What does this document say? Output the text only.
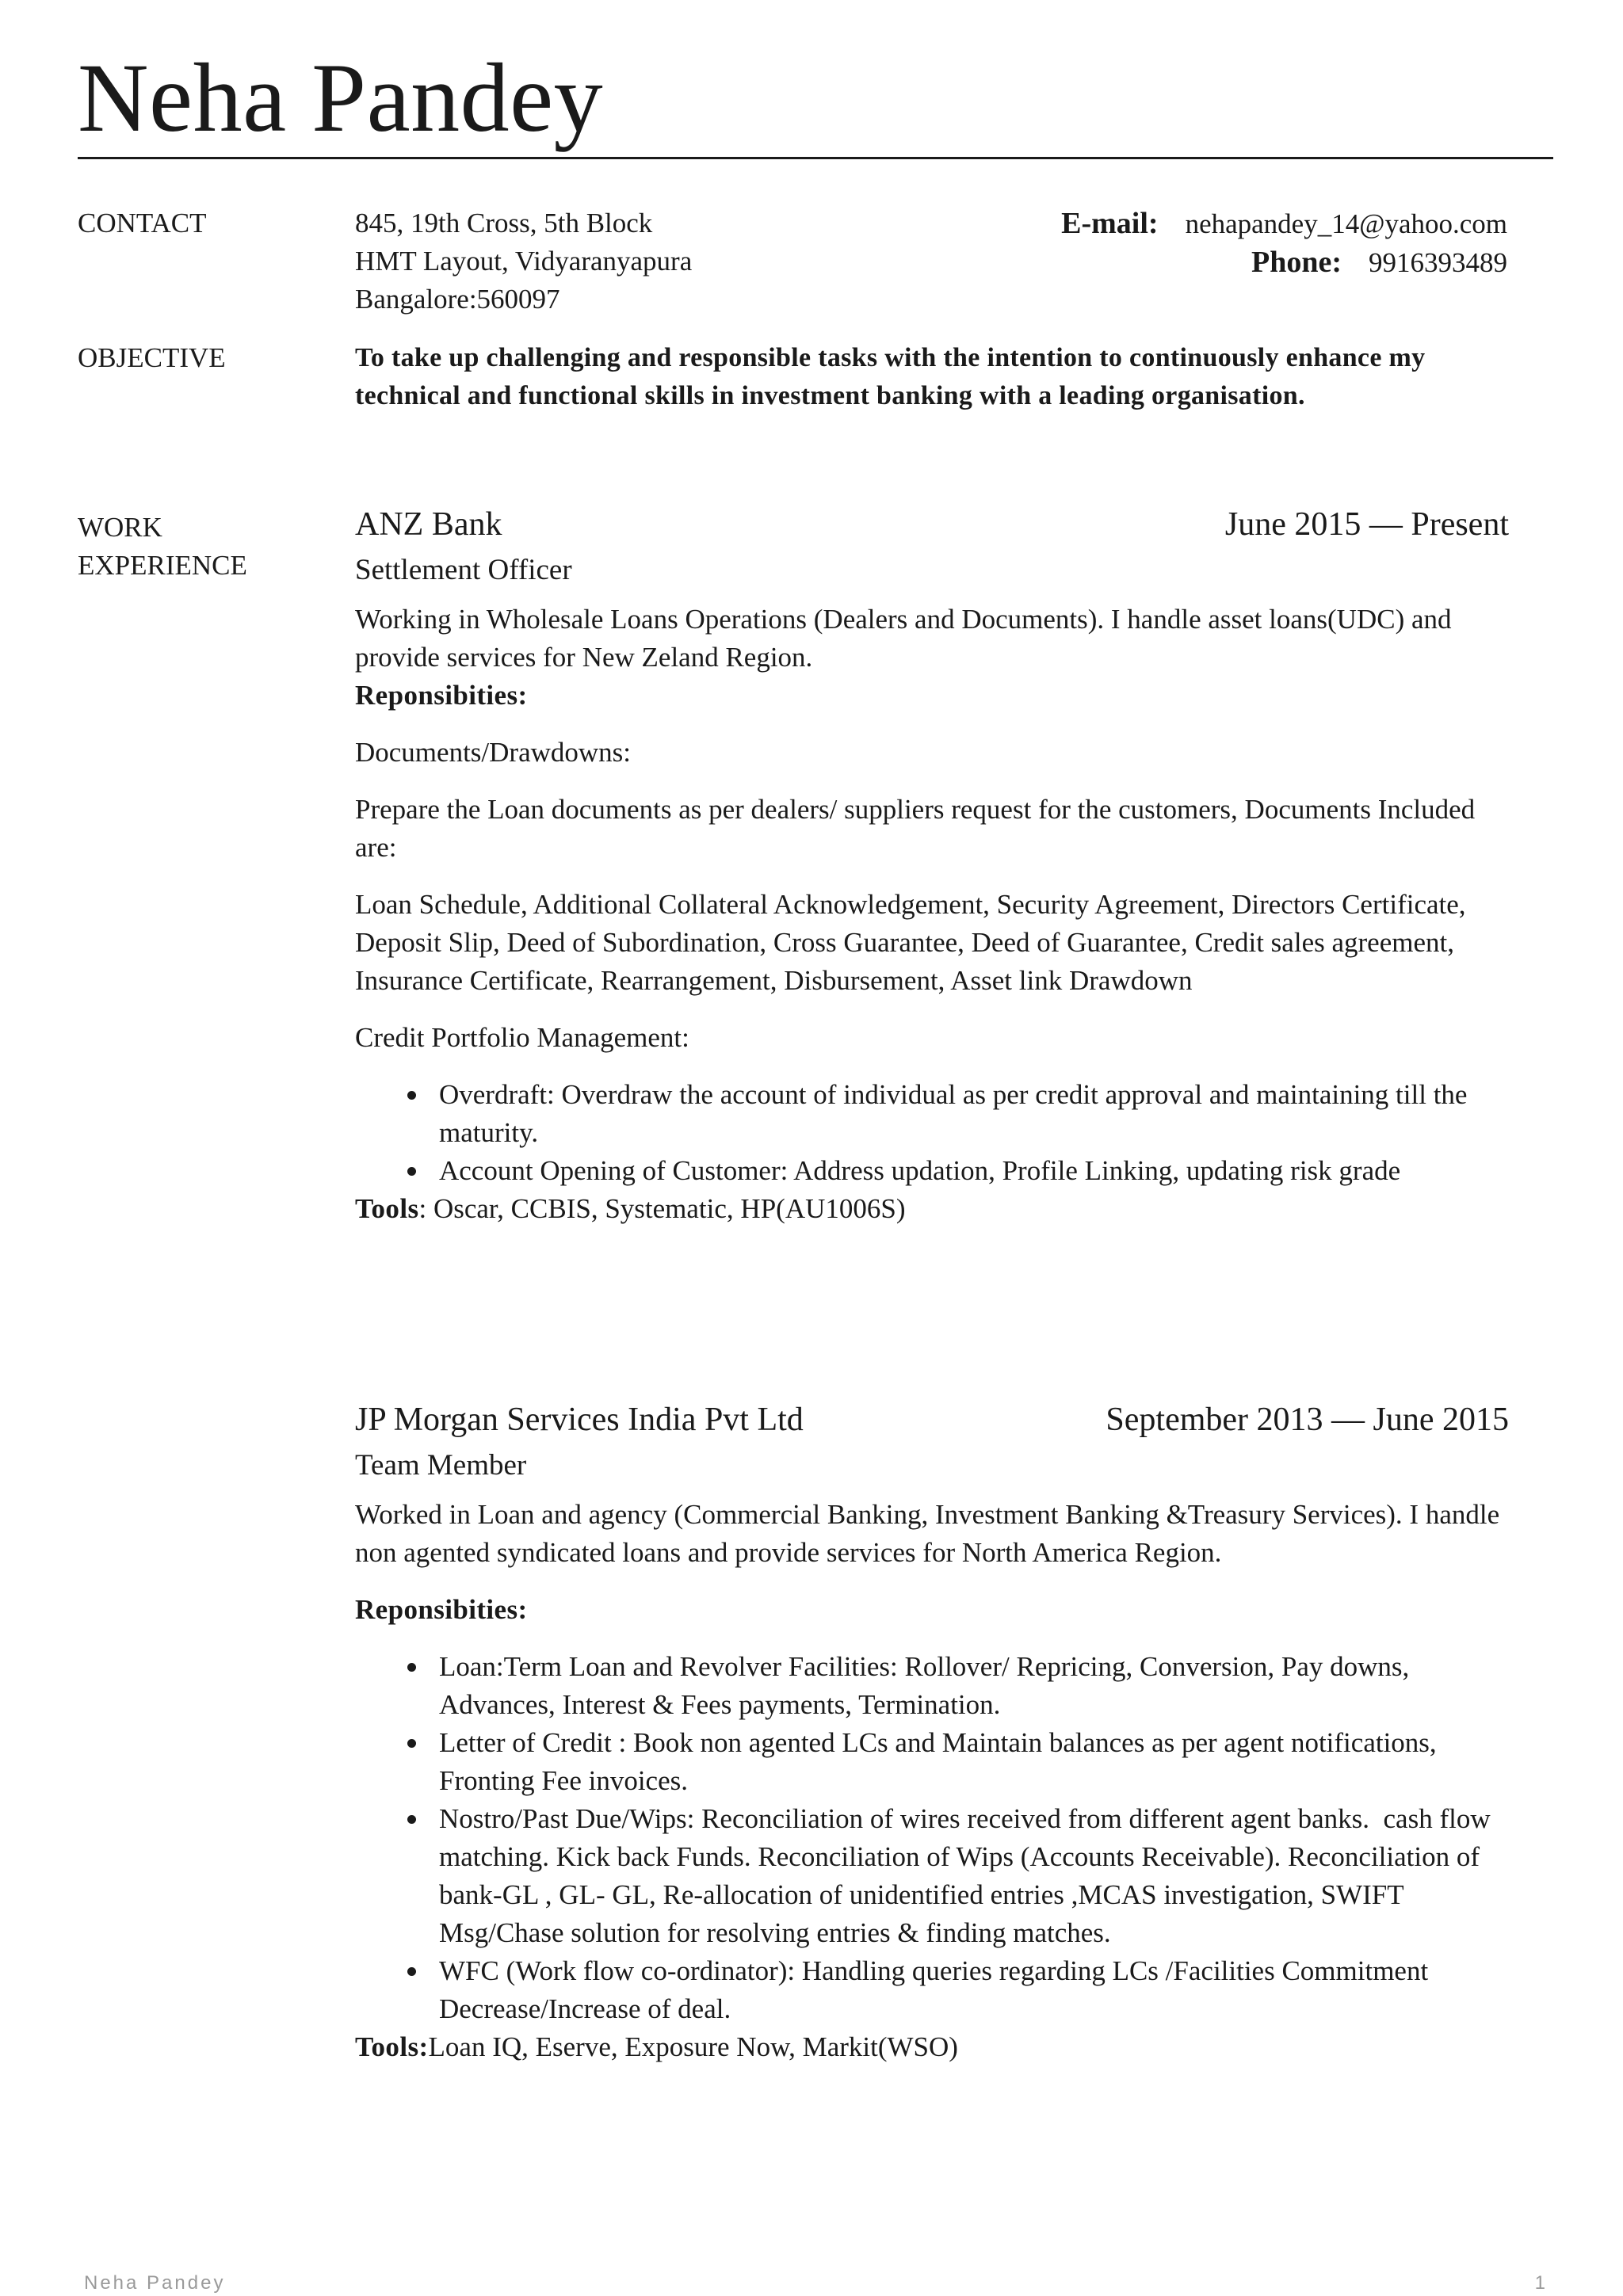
Neha Pandey
CONTACT	845, 19th Cross, 5th Block
HMT Layout, Vidyaranyapura
Bangalore:560097
E-mail: nehapandey_14@yahoo.com
Phone: 9916393489
OBJECTIVE	To take up challenging and responsible tasks with the intention to continuously enhance my technical and functional skills in investment banking with a leading organisation.
WORK
EXPERIENCE
ANZ Bank	June 2015 — Present
Settlement Officer

Working in Wholesale Loans Operations (Dealers and Documents). I handle asset loans(UDC) and provide services for New Zeland Region.

Reponsibities:

Documents/Drawdowns:

Prepare the Loan documents as per dealers/ suppliers request for the customers, Documents Included are:

Loan Schedule, Additional Collateral Acknowledgement, Security Agreement, Directors Certificate, Deposit Slip, Deed of Subordination, Cross Guarantee, Deed of Guarantee, Credit sales agreement, Insurance Certificate, Rearrangement, Disbursement, Asset link Drawdown

Credit Portfolio Management:

Overdraft: Overdraw the account of individual as per credit approval and maintaining till the maturity.
Account Opening of Customer: Address updation, Profile Linking, updating risk grade

Tools: Oscar, CCBIS, Systematic, HP(AU1006S)

JP Morgan Services India Pvt Ltd	September 2013 — June 2015
Team Member

Worked in Loan and agency (Commercial Banking, Investment Banking &Treasury Services). I handle non agented syndicated loans and provide services for North America Region.

Reponsibities:

Loan:Term Loan and Revolver Facilities: Rollover/ Repricing, Conversion, Pay downs, Advances, Interest & Fees payments, Termination.
Letter of Credit : Book non agented LCs and Maintain balances as per agent notifications, Fronting Fee invoices.
Nostro/Past Due/Wips: Reconciliation of wires received from different agent banks.  cash flow           matching. Kick back Funds. Reconciliation of Wips (Accounts Receivable). Reconciliation of bank-GL , GL- GL, Re-allocation of unidentified entries ,MCAS investigation, SWIFT Msg/Chase solution for resolving entries & finding matches.
WFC (Work flow co-ordinator): Handling queries regarding LCs /Facilities Commitment Decrease/Increase of deal.

Tools:Loan IQ, Eserve, Exposure Now, Markit(WSO)

Neha Pandey	1
